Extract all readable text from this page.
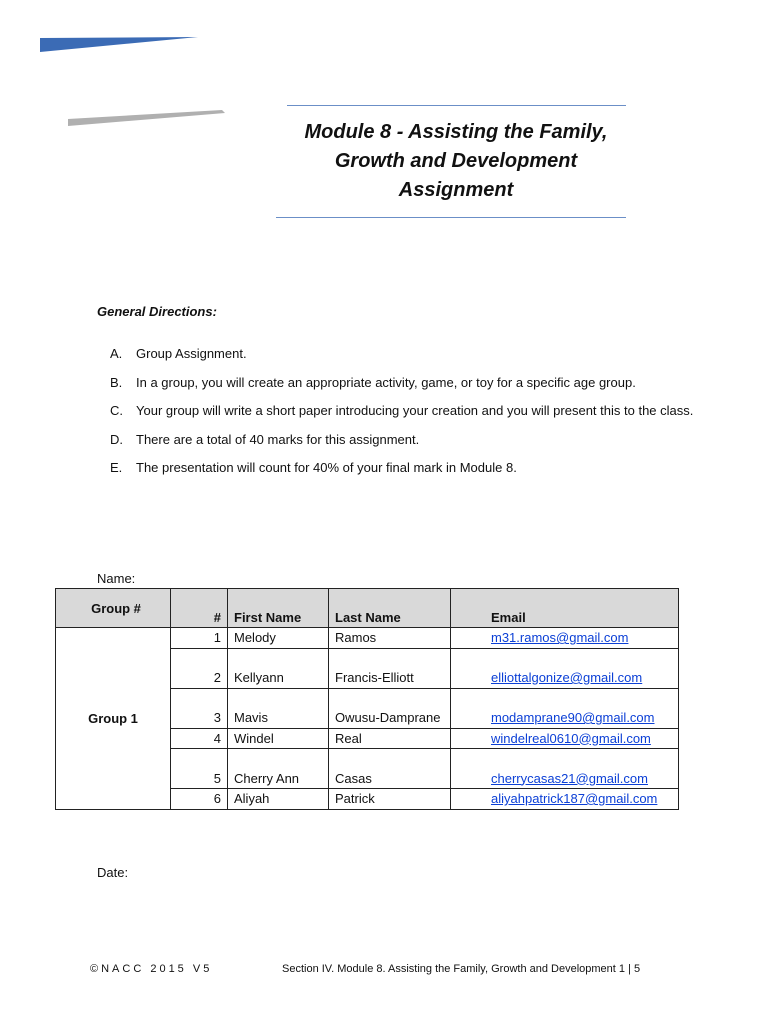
Module 8 - Assisting the Family,
Growth and Development
Assignment
General Directions:
A. Group Assignment.
B. In a group, you will create an appropriate activity, game, or toy for a specific age group.
C. Your group will write a short paper introducing your creation and you will present this to the class.
D. There are a total of 40 marks for this assignment.
E. The presentation will count for 40% of your final mark in Module 8.
Name:
Group #	#	First Name	Last Name	Email
Group 1	1	Melody	Ramos	m31.ramos@gmail.com
	2	Kellyann	Francis-Elliott	elliottalgonize@gmail.com
	3	Mavis	Owusu-Damprane	modamprane90@gmail.com
	4	Windel	Real	windelreal0610@gmail.com
	5	Cherry Ann	Casas	cherrycasas21@gmail.com
	6	Aliyah	Patrick	aliyahpatrick187@gmail.com
Date:
©NACC 2015 V5	Section IV. Module 8. Assisting the Family, Growth and Development 1 | 5
